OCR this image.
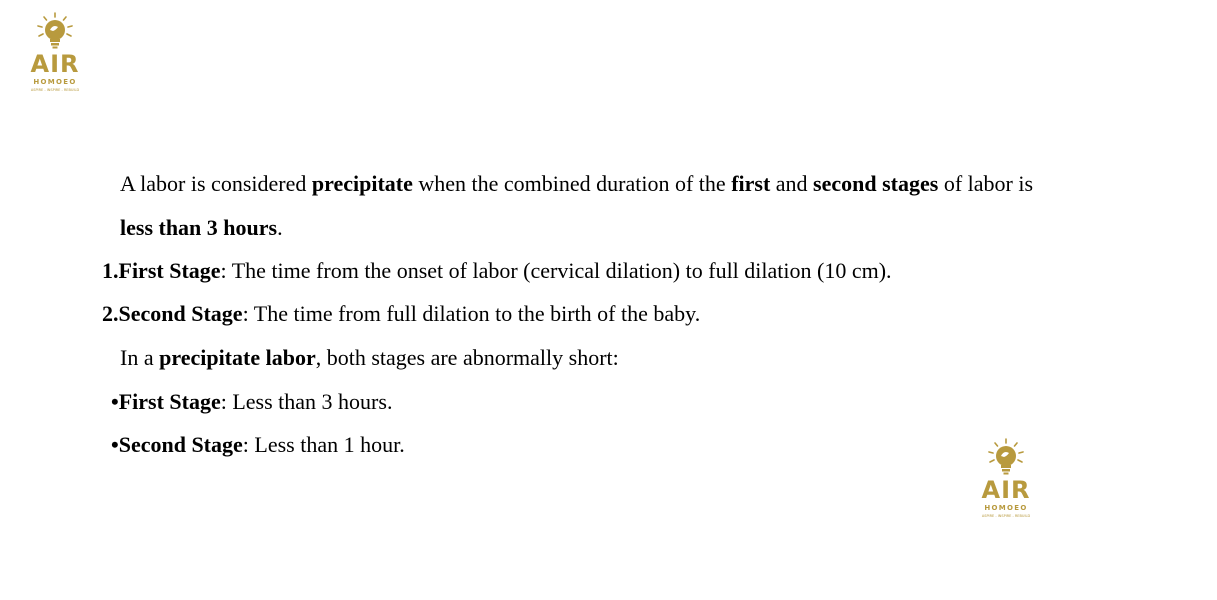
AIR
HOMOEO
ASPIRE - INSPIRE - REBUILD
A labor is considered precipitate when the combined duration of the first and second stages of labor is
less than 3 hours.
1.First Stage: The time from the onset of labor (cervical dilation) to full dilation (10 cm).
2.Second Stage: The time from full dilation to the birth of the baby.
In a precipitate labor, both stages are abnormally short:
•First Stage: Less than 3 hours.
•Second Stage: Less than 1 hour.
AIR
HOMOEO
ASPIRE - INSPIRE - REBUILD
